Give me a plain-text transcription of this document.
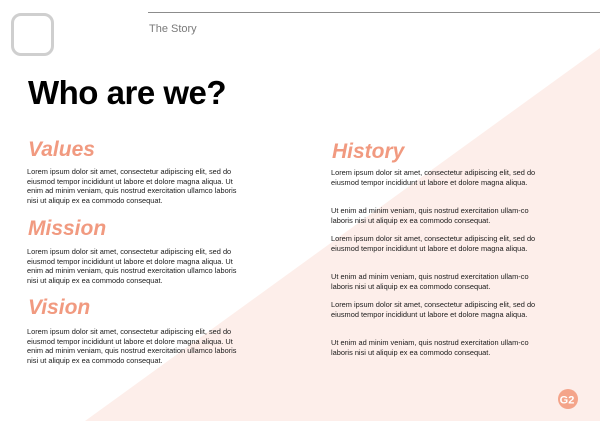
The Story
Who are we?
Values

Lorem ipsum dolor sit amet, consectetur adipiscing elit, sed do eiusmod tempor incididunt ut labore et dolore magna aliqua. Ut enim ad minim veniam, quis nostrud exercitation ullamco laboris nisi ut aliquip ex ea commodo consequat.

Mission

Lorem ipsum dolor sit amet, consectetur adipiscing elit, sed do eiusmod tempor incididunt ut labore et dolore magna aliqua. Ut enim ad minim veniam, quis nostrud exercitation ullamco laboris nisi ut aliquip ex ea commodo consequat.

Vision

Lorem ipsum dolor sit amet, consectetur adipiscing elit, sed do eiusmod tempor incididunt ut labore et dolore magna aliqua. Ut enim ad minim veniam, quis nostrud exercitation ullamco laboris nisi ut aliquip ex ea commodo consequat.

History

Lorem ipsum dolor sit amet, consectetur adipiscing elit, sed do eiusmod tempor incididunt ut labore et dolore magna aliqua.

Ut enim ad minim veniam, quis nostrud exercitation ullam-co laboris nisi ut aliquip ex ea commodo consequat.

Lorem ipsum dolor sit amet, consectetur adipiscing elit, sed do eiusmod tempor incididunt ut labore et dolore magna aliqua.

Ut enim ad minim veniam, quis nostrud exercitation ullam-co laboris nisi ut aliquip ex ea commodo consequat.

Lorem ipsum dolor sit amet, consectetur adipiscing elit, sed do eiusmod tempor incididunt ut labore et dolore magna aliqua.

Ut enim ad minim veniam, quis nostrud exercitation ullam-co laboris nisi ut aliquip ex ea commodo consequat.

G2
